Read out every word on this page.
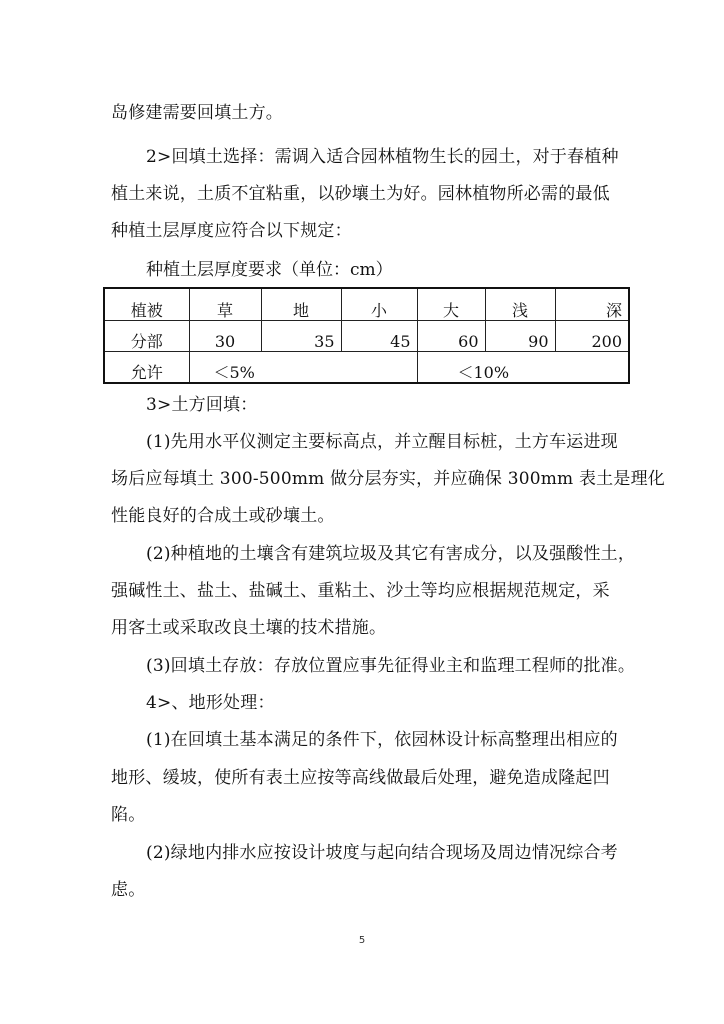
岛修建需要回填土方。
2>回填土选择：需调入适合园林植物生长的园土，对于春植种
植土来说，土质不宜粘重，以砂壤土为好。园林植物所必需的最低
种植土层厚度应符合以下规定：
种植土层厚度要求（单位：cm）
植被	草	地	小	大	浅	深
分部	30	35	45	60	90	200
允许	＜5%			＜10%		
3>土方回填：
(1)先用水平仪测定主要标高点，并立醒目标桩，土方车运进现
场后应每填土 300-500mm 做分层夯实，并应确保 300mm 表土是理化
性能良好的合成土或砂壤土。
(2)种植地的土壤含有建筑垃圾及其它有害成分，以及强酸性土，
强碱性土、盐土、盐碱土、重粘土、沙土等均应根据规范规定，采
用客土或采取改良土壤的技术措施。
(3)回填土存放：存放位置应事先征得业主和监理工程师的批准。
4>、地形处理：
(1)在回填土基本满足的条件下，依园林设计标高整理出相应的
地形、缓坡，使所有表土应按等高线做最后处理，避免造成隆起凹
陷。
(2)绿地内排水应按设计坡度与起向结合现场及周边情况综合考
虑。
5
